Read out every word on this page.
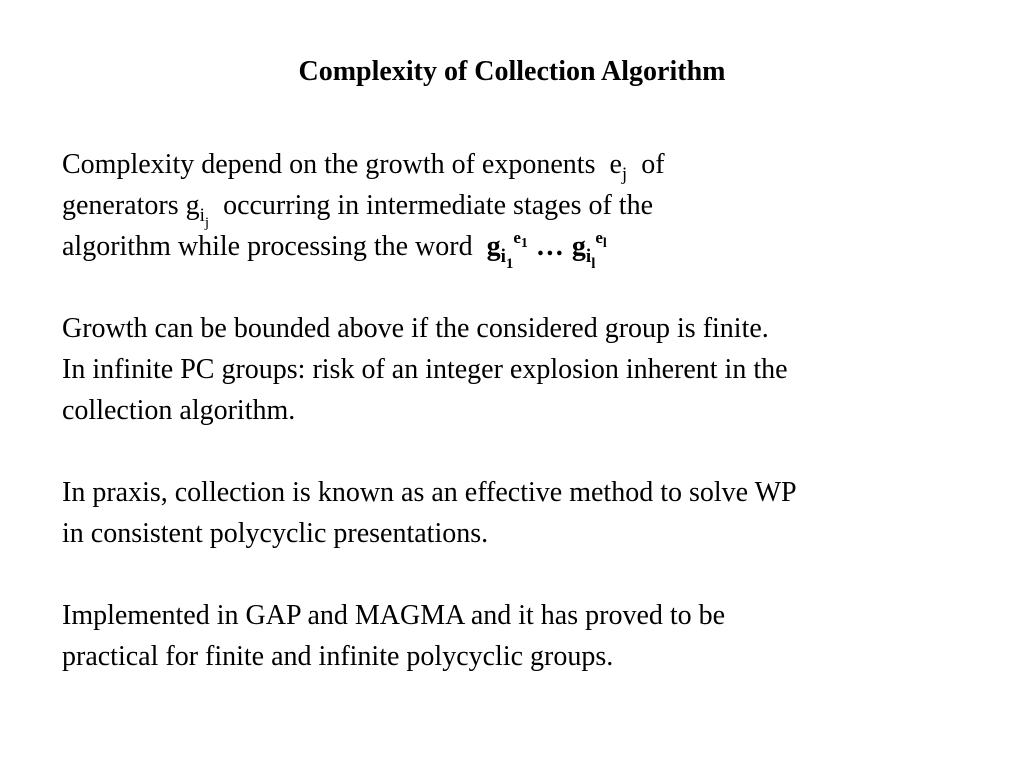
Complexity of Collection Algorithm
Complexity depend on the growth of exponents $e_j$ of
generators $g_{i_j}$  occurring in intermediate stages of the
algorithm while processing the word $g_{i_1}^{e_1}$ … $g_{i_l}^{e_l}$
Growth can be bounded above if the considered group is finite.
In infinite PC groups: risk of an integer explosion inherent in the
collection algorithm.
In praxis, collection is known as an effective method to solve WP
in consistent polycyclic presentations.
Implemented in GAP and MAGMA and it has proved to be
practical for finite and infinite polycyclic groups.
